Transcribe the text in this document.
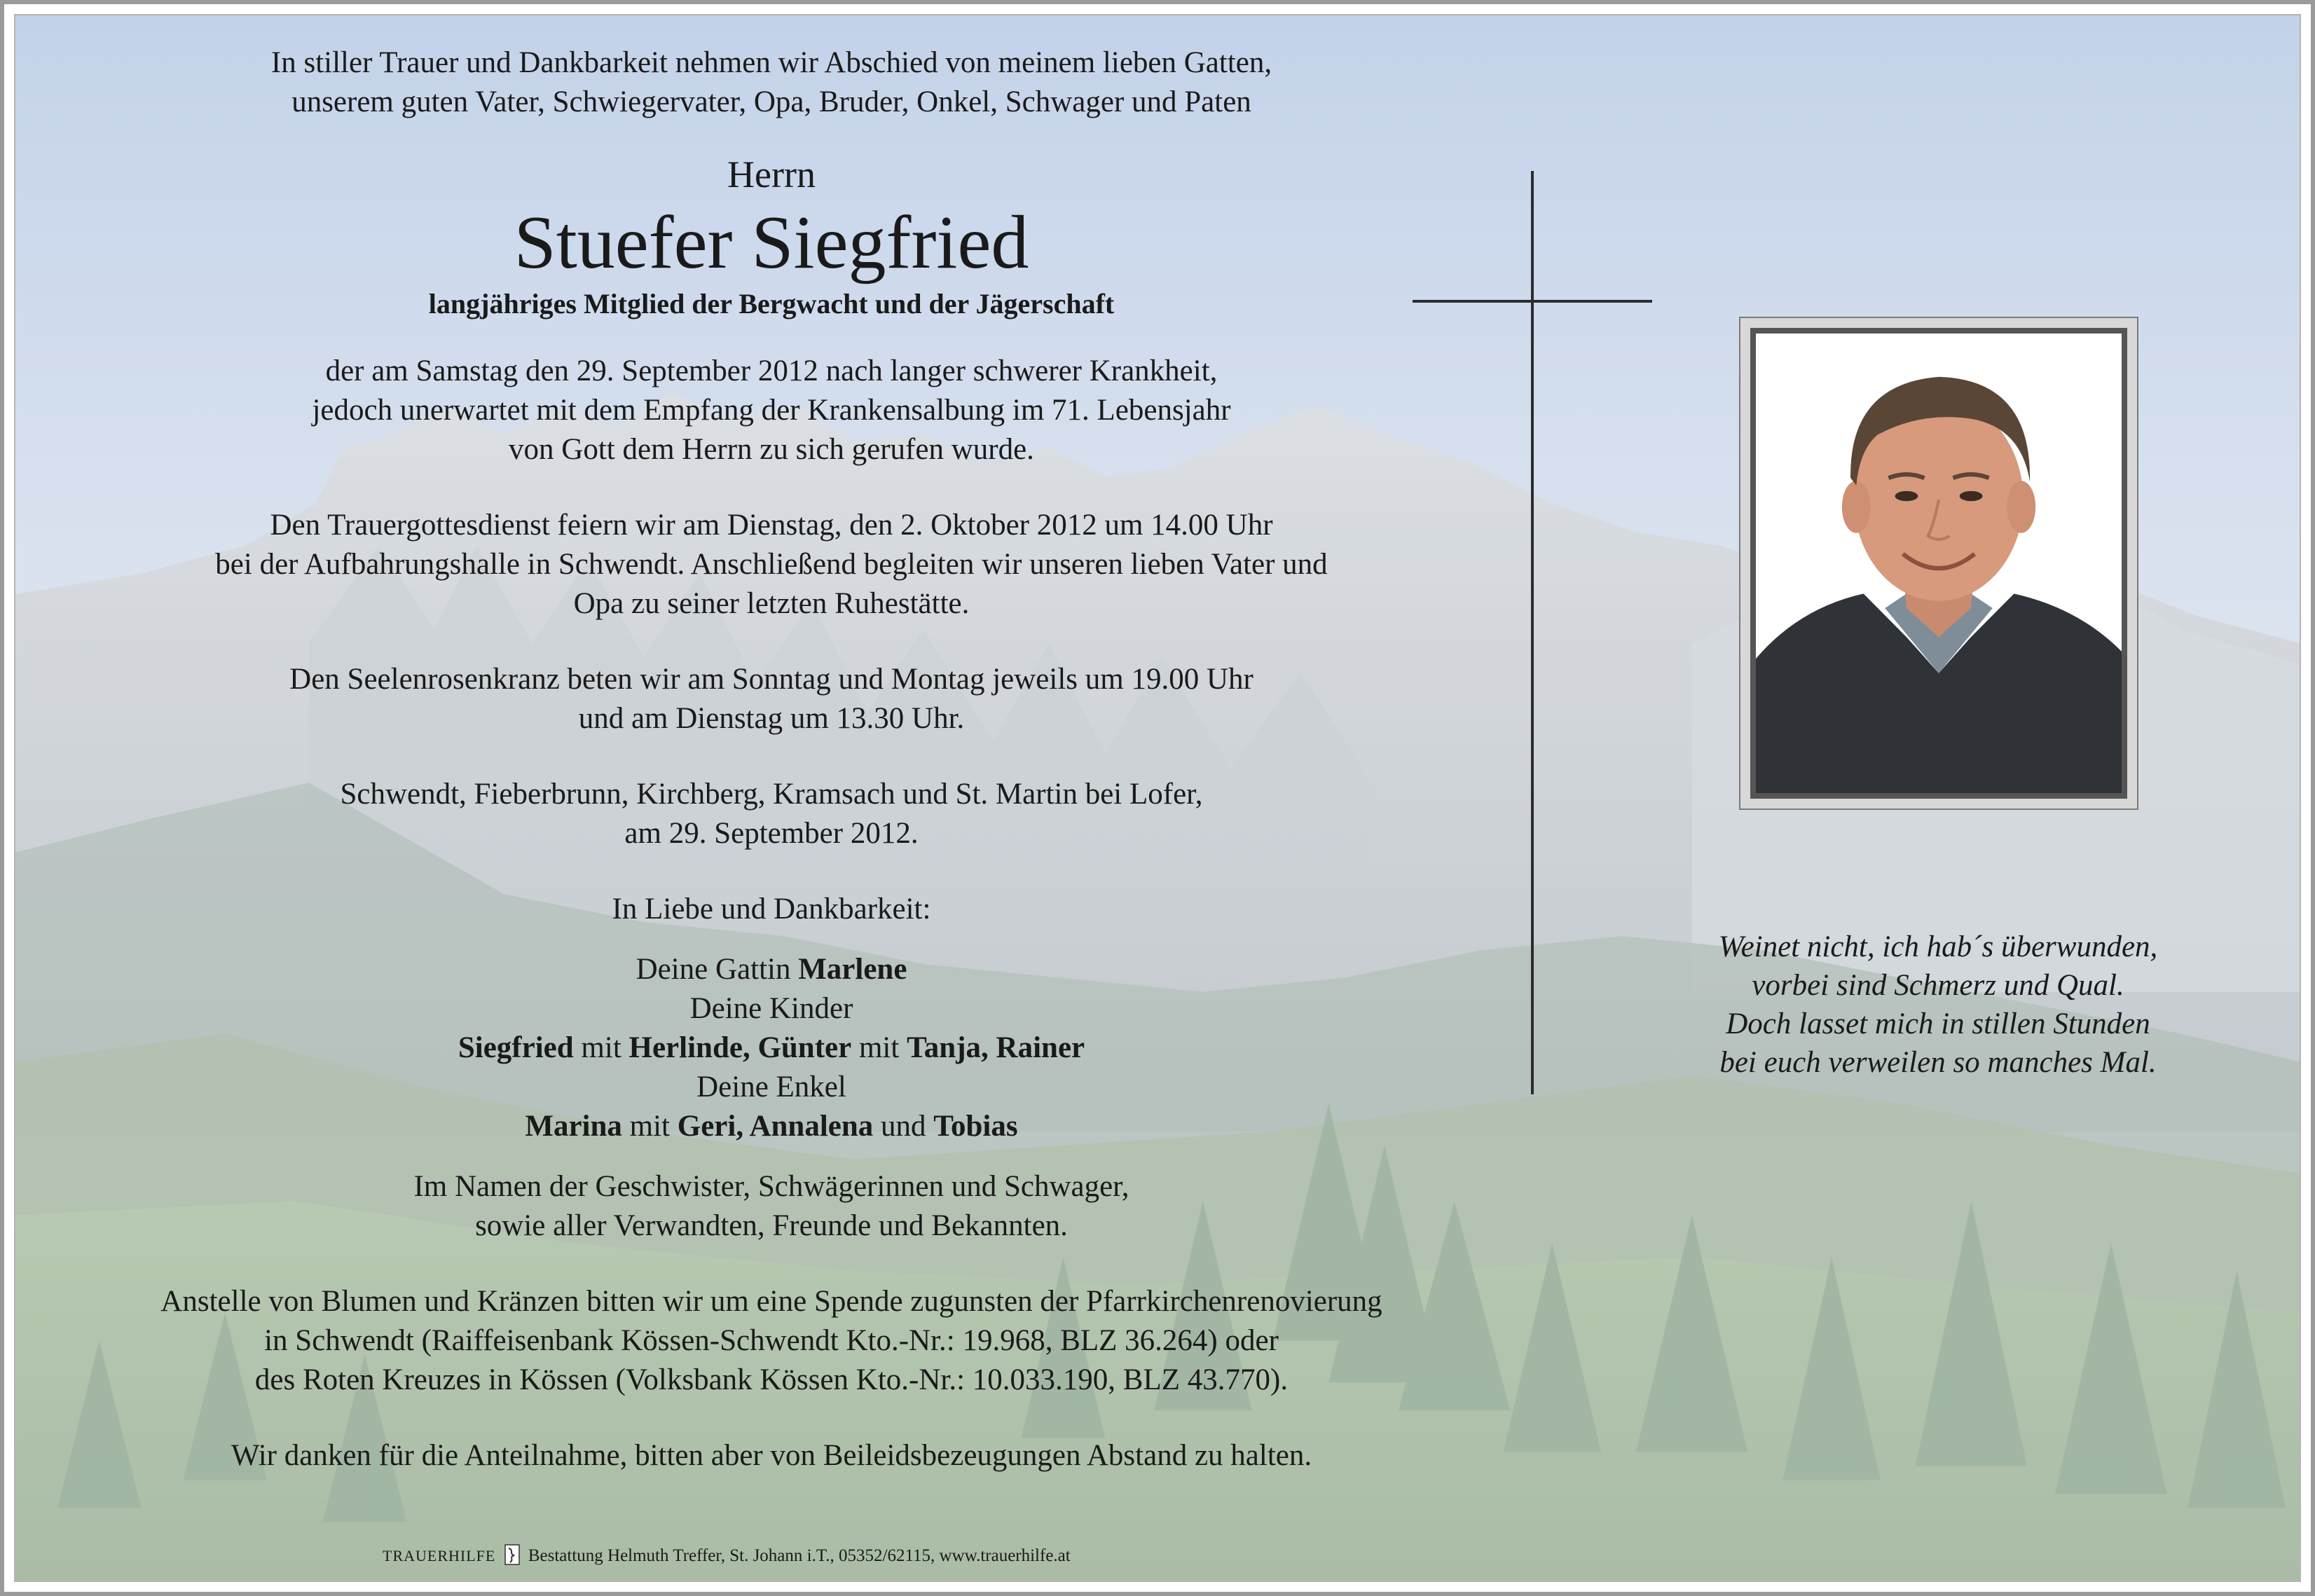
In stiller Trauer und Dankbarkeit nehmen wir Abschied von meinem lieben Gatten,

unserem guten Vater, Schwiegervater, Opa, Bruder, Onkel, Schwager und Paten

Herrn

Stuefer Siegfried

langjähriges Mitglied der Bergwacht und der Jägerschaft

der am Samstag den 29. September 2012 nach langer schwerer Krankheit,

jedoch unerwartet mit dem Empfang der Krankensalbung im 71. Lebensjahr

von Gott dem Herrn zu sich gerufen wurde.

Den Trauergottesdienst feiern wir am Dienstag, den 2. Oktober 2012 um 14.00 Uhr

bei der Aufbahrungshalle in Schwendt. Anschließend begleiten wir unseren lieben Vater und

Opa zu seiner letzten Ruhestätte.

Den Seelenrosenkranz beten wir am Sonntag und Montag jeweils um 19.00 Uhr

und am Dienstag um 13.30 Uhr.

Schwendt, Fieberbrunn, Kirchberg, Kramsach und St. Martin bei Lofer,

am 29. September 2012.

In Liebe und Dankbarkeit:

Deine Gattin Marlene

Deine Kinder

Siegfried mit Herlinde, Günter mit Tanja, Rainer

Deine Enkel

Marina mit Geri, Annalena und Tobias

Im Namen der Geschwister, Schwägerinnen und Schwager,

sowie aller Verwandten, Freunde und Bekannten.

Anstelle von Blumen und Kränzen bitten wir um eine Spende zugunsten der Pfarrkirchenrenovierung

in Schwendt (Raiffeisenbank Kössen-Schwendt Kto.-Nr.: 19.968, BLZ 36.264) oder

des Roten Kreuzes in Kössen (Volksbank Kössen Kto.-Nr.: 10.033.190, BLZ 43.770).

Wir danken für die Anteilnahme, bitten aber von Beileidsbezeugungen Abstand zu halten.

TRAUERHILFE Bestattung Helmuth Treffer, St. Johann i.T., 05352/62115, www.trauerhilfe.at

Weinet nicht, ich hab´s überwunden,

vorbei sind Schmerz und Qual.

Doch lasset mich in stillen Stunden

bei euch verweilen so manches Mal.
